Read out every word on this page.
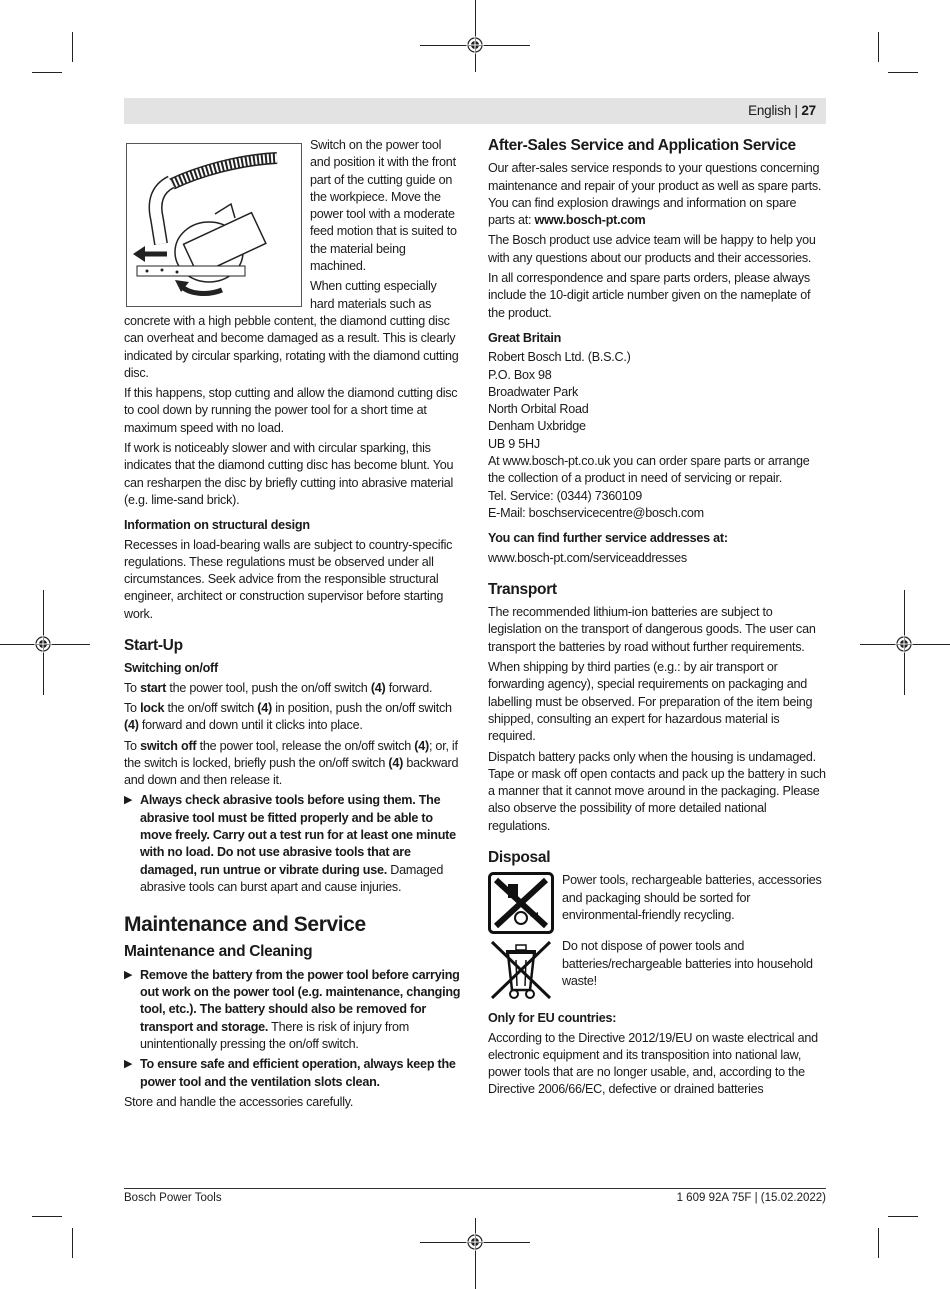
English | 27

Switch on the power tool and position it with the front part of the cutting guide on the workpiece. Move the power tool with a moderate feed motion that is suited to the material being machined.

When cutting especially hard materials such as concrete with a high pebble content, the diamond cutting disc can overheat and become damaged as a result. This is clearly indicated by circular sparking, rotating with the diamond cutting disc.

If this happens, stop cutting and allow the diamond cutting disc to cool down by running the power tool for a short time at maximum speed with no load.

If work is noticeably slower and with circular sparking, this indicates that the diamond cutting disc has become blunt. You can resharpen the disc by briefly cutting into abrasive material (e.g. lime-sand brick).

Information on structural design

Recesses in load-bearing walls are subject to country-specific regulations. These regulations must be observed under all circumstances. Seek advice from the responsible structural engineer, architect or construction supervisor before starting work.

Start-Up
Switching on/off

To start the power tool, push the on/off switch (4) forward.

To lock the on/off switch (4) in position, push the on/off switch (4) forward and down until it clicks into place.

To switch off the power tool, release the on/off switch (4); or, if the switch is locked, briefly push the on/off switch (4) backward and down and then release it.

▶ Always check abrasive tools before using them. The abrasive tool must be fitted properly and be able to move freely. Carry out a test run for at least one minute with no load. Do not use abrasive tools that are damaged, run untrue or vibrate during use. Damaged abrasive tools can burst apart and cause injuries.
Maintenance and Service
Maintenance and Cleaning
▶ Remove the battery from the power tool before carrying out work on the power tool (e.g. maintenance, changing tool, etc.). The battery should also be removed for transport and storage. There is risk of injury from unintentionally pressing the on/off switch.
▶ To ensure safe and efficient operation, always keep the power tool and the ventilation slots clean.

Store and handle the accessories carefully.

After-Sales Service and Application Service

Our after-sales service responds to your questions concerning maintenance and repair of your product as well as spare parts. You can find explosion drawings and information on spare parts at: www.bosch-pt.com

The Bosch product use advice team will be happy to help you with any questions about our products and their accessories.

In all correspondence and spare parts orders, please always include the 10-digit article number given on the nameplate of the product.

Great Britain

Robert Bosch Ltd. (B.S.C.)

P.O. Box 98

Broadwater Park

North Orbital Road

Denham Uxbridge

UB 9 5HJ

At www.bosch-pt.co.uk you can order spare parts or arrange the collection of a product in need of servicing or repair.

Tel. Service: (0344) 7360109

E-Mail: boschservicecentre@bosch.com

You can find further service addresses at:

www.bosch-pt.com/serviceaddresses

Transport

The recommended lithium-ion batteries are subject to legislation on the transport of dangerous goods. The user can transport the batteries by road without further requirements.

When shipping by third parties (e.g.: by air transport or forwarding agency), special requirements on packaging and labelling must be observed. For preparation of the item being shipped, consulting an expert for hazardous material is required.

Dispatch battery packs only when the housing is undamaged. Tape or mask off open contacts and pack up the battery in such a manner that it cannot move around in the packaging. Please also observe the possibility of more detailed national regulations.

Disposal
Power tools, rechargeable batteries, accessories and packaging should be sorted for environmental-friendly recycling.
Do not dispose of power tools and batteries/rechargeable batteries into household waste!
Only for EU countries:

According to the Directive 2012/19/EU on waste electrical and electronic equipment and its transposition into national law, power tools that are no longer usable, and, according to the Directive 2006/66/EC, defective or drained batteries

Bosch Power Tools	1 609 92A 75F | (15.02.2022)
